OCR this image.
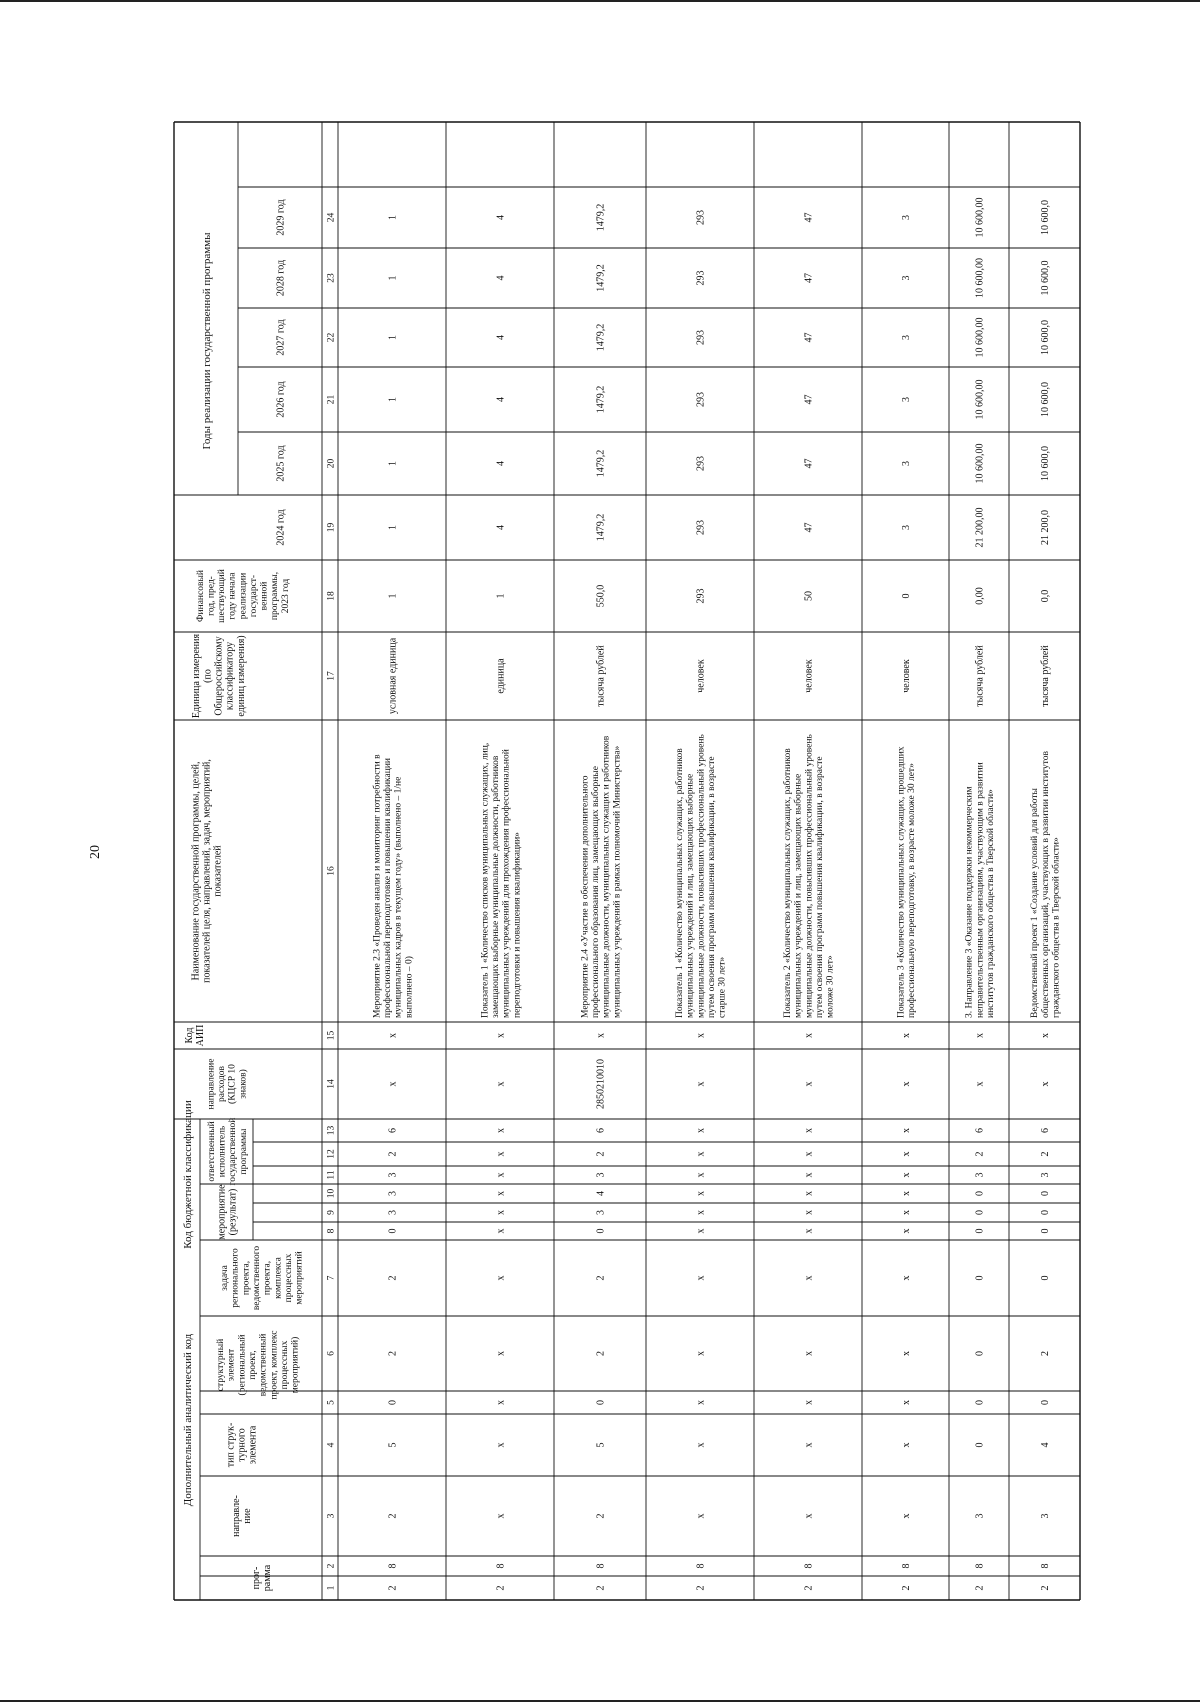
20
Дополнительный аналитический код
Код бюджетной классификации
прог-рамма
направле-ние
тип струк-турногоэлемента
структурныйэлемент(региональныйпроект,ведомственныйпроект, комплекспроцессныхмероприятий)
задачарегиональногопроекта,ведомственногопроекта,комплексапроцессныхмероприятий
мероприятие(результат)
ответственныйисполнительгосударственнойпрограммы
направлениерасходов(КЦСР 10знаков)
КодАИП
Наименование государственной программы, целей,показателей целя, направлений, задач, мероприятий,показателей
Единица измерения(поОбщероссийскомуклассификаторуединиц измерения)
Финансовыйгод, пред-шествующийгоду началареализациигосударст-веннойпрограммы,2023 год
Годы реализации государственной программы
2024 год
2025 год
2026 год
2027 год
2028 год
2029 год
1
2
3
4
5
6
7
8
9
10
11
12
13
14
15
16
17
18
19
20
21
22
23
24
2
8
2
5
0
2
2
0
3
3
3
2
6
х
х
Мероприятие 2.3 «Проведен анализ и мониторинг потребности впрофессиональной переподготовке и повышении квалификациимуниципальных кадров в текущем году» (выполнено – 1/невыполнено – 0)
условная единица
1
1
1
1
1
1
1
2
8
х
х
х
х
х
х
х
х
х
х
х
х
х
Показатель 1 «Количество списков муниципальных служащих, лиц,замещающих выборные муниципальные должности, работниковмуниципальных учреждений для прохождения профессиональнойпереподготовки и повышения квалификации»
единица
1
4
4
4
4
4
4
2
8
2
5
0
2
2
0
3
4
3
2
6
2850210010
х
Мероприятие 2.4 «Участие в обеспечении дополнительногопрофессионального образования лиц, замещающих выборныемуниципальные должности, муниципальных служащих и работниковмуниципальных учреждений в рамках полномочий Министерства»
тысяча рублей
550,0
1479,2
1479,2
1479,2
1479,2
1479,2
1479,2
2
8
х
х
х
х
х
х
х
х
х
х
х
х
х
Показатель 1 «Количество муниципальных служащих, работниковмуниципальных учреждений и лиц, замещающих выборныемуниципальные должности, повысивших профессиональный уровеньпутем освоения программ повышения квалификации, в возрастестарше 30 лет»
человек
293
293
293
293
293
293
293
2
8
х
х
х
х
х
х
х
х
х
х
х
х
х
Показатель 2 «Количество муниципальных служащих, работниковмуниципальных учреждений и лиц, замещающих выборныемуниципальные должности, повысивших профессиональный уровеньпутем освоения программ повышения квалификации, в возрастемоложе 30 лет»
человек
50
47
47
47
47
47
47
2
8
х
х
х
х
х
х
х
х
х
х
х
х
х
Показатель 3 «Количество муниципальных служащих, прошедшихпрофессиональную переподготовку, в возрасте моложе 30 лет»
человек
0
3
3
3
3
3
3
2
8
3
0
0
0
0
0
0
0
3
2
6
х
х
3. Направление 3 «Оказание поддержки некоммерческимнеправительственным организациям, участвующим в развитииинститутов гражданского общества в Тверской области»
тысяча рублей
0,00
21 200,00
10 600,00
10 600,00
10 600,00
10 600,00
10 600,00
2
8
3
4
0
2
0
0
0
0
3
2
6
х
х
Ведомственный проект 1 «Создание условий для работыобщественных организаций, участвующих в развитии институтовгражданского общества в Тверской области»
тысяча рублей
0,0
21 200,0
10 600,0
10 600,0
10 600,0
10 600,0
10 600,0
